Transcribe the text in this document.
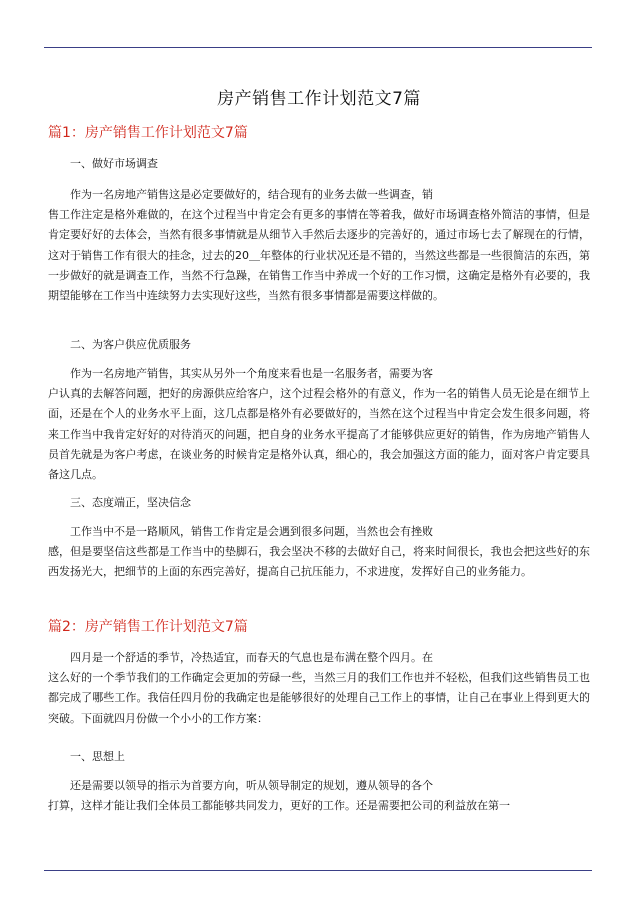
房产销售工作计划范文7篇
篇1：房产销售工作计划范文7篇

一、做好市场调查

作为一名房地产销售这是必定要做好的，结合现有的业务去做一些调查，销
售工作注定是格外难做的，在这个过程当中肯定会有更多的事情在等着我，做好市场调查格外简洁的事情，但是肯定要好好的去体会，当然有很多事情就是从细节入手然后去逐步的完善好的，通过市场七去了解现在的行情，这对于销售工作有很大的挂念，过去的20＿年整体的行业状况还是不错的，当然这些都是一些很简洁的东西，第一步做好的就是调查工作，当然不行急躁，在销售工作当中养成一个好的工作习惯，这确定是格外有必要的，我期望能够在工作当中连续努力去实现好这些，当然有很多事情都是需要这样做的。

二、为客户供应优质服务

作为一名房地产销售，其实从另外一个角度来看也是一名服务者，需要为客
户认真的去解答问题，把好的房源供应给客户，这个过程会格外的有意义，作为一名的销售人员无论是在细节上面，还是在个人的业务水平上面，这几点都是格外有必要做好的，当然在这个过程当中肯定会发生很多问题，将来工作当中我肯定好好的对待消灭的问题，把自身的业务水平提高了才能够供应更好的销售，作为房地产销售人员首先就是为客户考虑，在谈业务的时候肯定是格外认真，细心的，我会加强这方面的能力，面对客户肯定要具备这几点。

三、态度端正，坚决信念

工作当中不是一路顺风，销售工作肯定是会遇到很多问题，当然也会有挫败
感，但是要坚信这些都是工作当中的垫脚石，我会坚决不移的去做好自己，将来时间很长，我也会把这些好的东西发扬光大，把细节的上面的东西完善好，提高自己抗压能力，不求进度，发挥好自己的业务能力。

篇2：房产销售工作计划范文7篇

四月是一个舒适的季节，冷热适宜，而春天的气息也是布满在整个四月。在
这么好的一个季节我们的工作确定会更加的劳碌一些，当然三月的我们工作也并不轻松，但我们这些销售员工也都完成了哪些工作。我信任四月份的我确定也是能够很好的处理自己工作上的事情，让自己在事业上得到更大的突破。下面就四月份做一个小小的工作方案：

一、思想上

还是需要以领导的指示为首要方向，听从领导制定的规划，遵从领导的各个
打算，这样才能让我们全体员工都能够共同发力，更好的工作。还是需要把公司的利益放在第一
